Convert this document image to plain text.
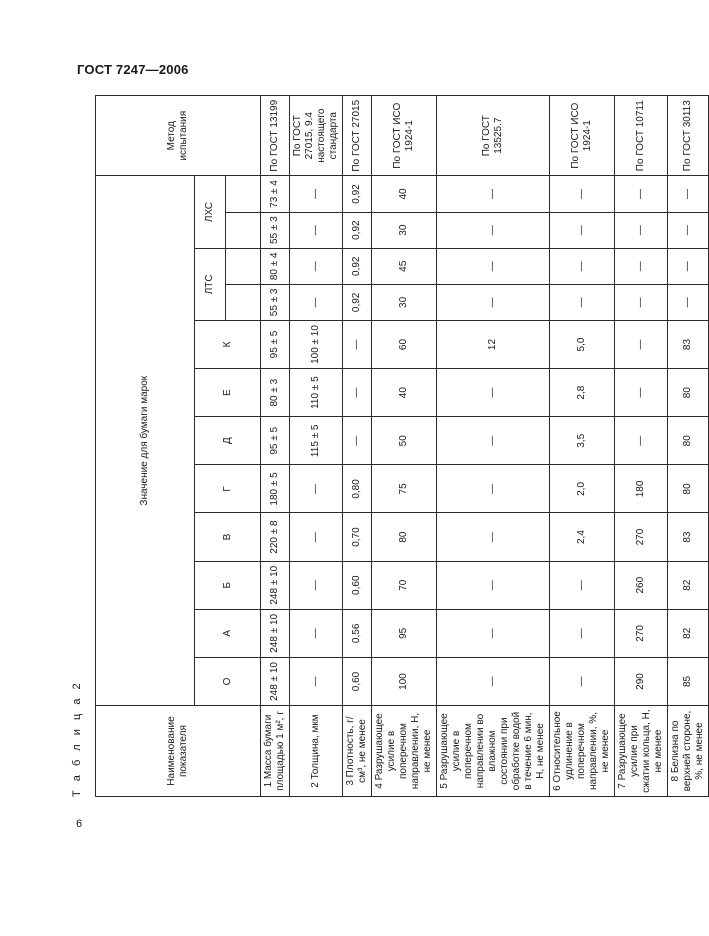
ГОСТ 7247—2006
Т а б л и ц а 2	Наименование показателя	Значение для бумаги марок												Метод испытания
	О	А	Б	В	Г	Д	Е	К	ЛТС		ЛХС		

1 Масса бумаги площадью 1 м², г	248 ± 10	248 ± 10	248 ± 10	220 ± 8	180 ± 5	95 ± 5	80 ± 3	95 ± 5	55 ± 3	80 ± 4	55 ± 3	73 ± 4	По ГОСТ 13199
2 Толщина, мкм	—	—	—	—	—	115 ± 5	110 ± 5	100 ± 10	—	—	—	—	По ГОСТ 27015, 9.4 настоящего стандарта
3 Плотность, г/см³, не менее	0,60	0,56	0,60	0,70	0,80	—	—	—	0,92	0,92	0,92	0,92	По ГОСТ 27015
4 Разрушающее усилие в поперечном направлении, Н, не менее	100	95	70	80	75	50	40	60	30	45	30	40	По ГОСТ ИСО 1924-1
5 Разрушающее усилие в поперечном направлении во влажном состоянии при обработке водой в течение 6 мин, Н, не менее	—	—	—	—	—	—	—	12	—	—	—	—	По ГОСТ 13525.7
6 Относительное удлинение в поперечном направлении, %, не менее	—	—	—	2,4	2,0	3,5	2,8	5,0	—	—	—	—	По ГОСТ ИСО 1924-1
7 Разрушающее усилие при сжатии кольца, Н, не менее	290	270	260	270	180	—	—	—	—	—	—	—	По ГОСТ 10711
8 Белизна по верхней стороне, %, не менее	85	82	82	83	80	80	80	83	—	—	—	—	По ГОСТ 30113
6
